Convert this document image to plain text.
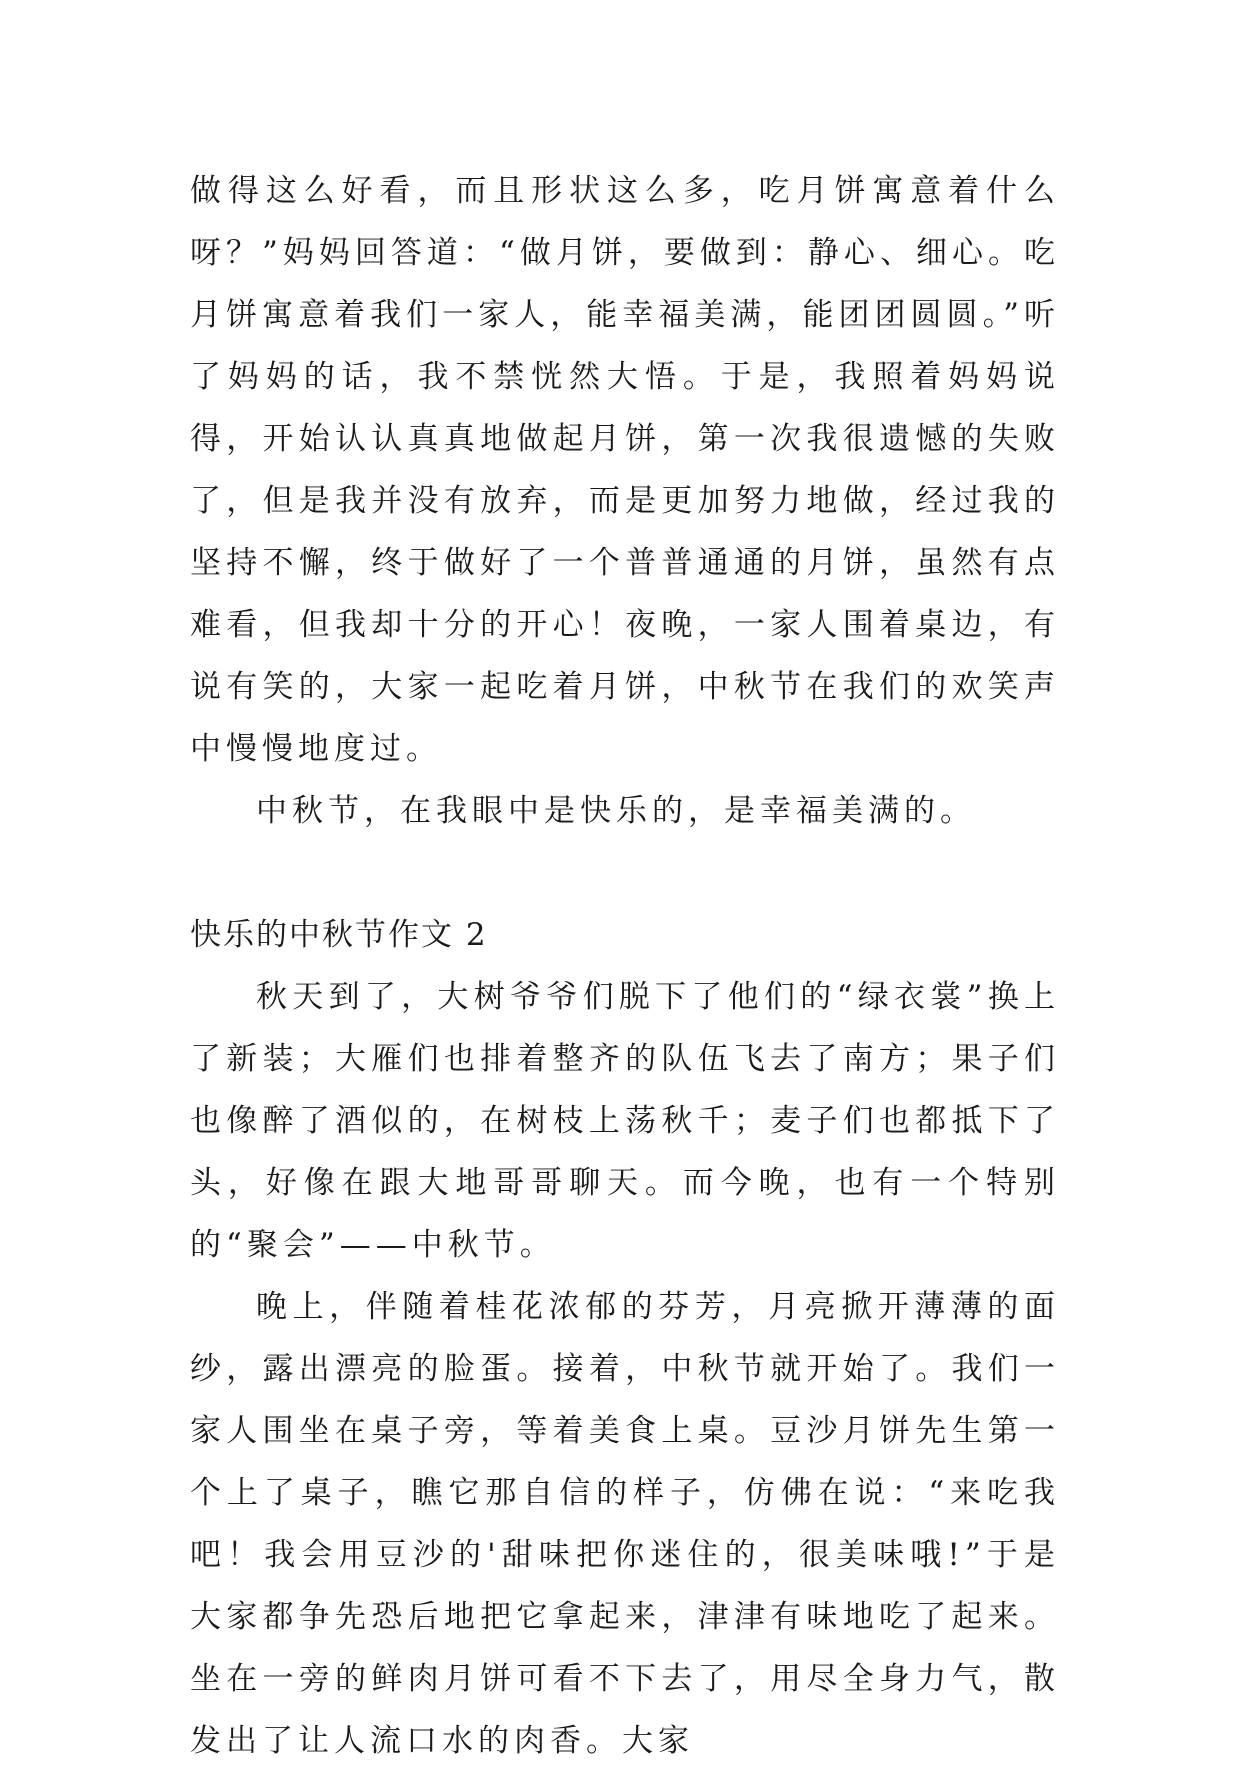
做得这么好看，而且形状这么多，吃月饼寓意着什么呀？”妈妈回答道：“做月饼，要做到：静心、细心。吃月饼寓意着我们一家人，能幸福美满，能团团圆圆。”听了妈妈的话，我不禁恍然大悟。于是，我照着妈妈说得，开始认认真真地做起月饼，第一次我很遗憾的失败了，但是我并没有放弃，而是更加努力地做，经过我的坚持不懈，终于做好了一个普普通通的月饼，虽然有点难看，但我却十分的开心！夜晚，一家人围着桌边，有说有笑的，大家一起吃着月饼，中秋节在我们的欢笑声中慢慢地度过。

中秋节，在我眼中是快乐的，是幸福美满的。

快乐的中秋节作文 2

秋天到了，大树爷爷们脱下了他们的“绿衣裳”换上了新装；大雁们也排着整齐的队伍飞去了南方；果子们也像醉了酒似的，在树枝上荡秋千；麦子们也都抵下了头，好像在跟大地哥哥聊天。而今晚，也有一个特别的“聚会”——中秋节。

晚上，伴随着桂花浓郁的芬芳，月亮掀开薄薄的面纱，露出漂亮的脸蛋。接着，中秋节就开始了。我们一家人围坐在桌子旁，等着美食上桌。豆沙月饼先生第一个上了桌子，瞧它那自信的样子，仿佛在说：“来吃我吧！我会用豆沙的'甜味把你迷住的，很美味哦!”于是大家都争先恐后地把它拿起来，津津有味地吃了起来。坐在一旁的鲜肉月饼可看不下去了，用尽全身力气，散发出了让人流口水的肉香。大家
